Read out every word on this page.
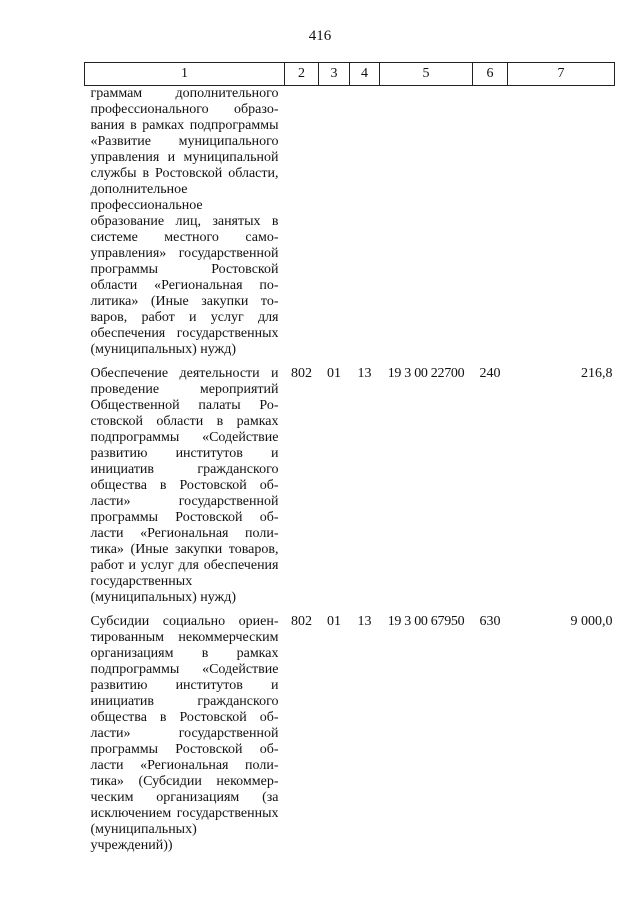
416
1	2	3	4	5	6	7
граммам дополнительного профессионального образования в рамках подпрограммы «Развитие муниципального управления и муниципальной службы в Ростовской области, дополнительное профессиональное образование лиц, занятых в системе местного самоуправления» государственной программы Ростовской области «Региональная политика» (Иные закупки товаров, работ и услуг для обеспечения государственных (муниципальных) нужд)						
Обеспечение деятельности и проведение мероприятий Общественной палаты Ростовской области в рамках подпрограммы «Содействие развитию институтов и инициатив гражданского общества в Ростовской области» государственной программы Ростовской области «Региональная политика» (Иные закупки товаров, работ и услуг для обеспечения государственных (муниципальных) нужд)	802	01	13	19 3 00 22700	240	216,8
Субсидии социально ориентированным некоммерческим организациям в рамках подпрограммы «Содействие развитию институтов и инициатив гражданского общества в Ростовской области» государственной программы Ростовской области «Региональная политика» (Субсидии некоммерческим организациям (за исключением государственных (муниципальных) учреждений))	802	01	13	19 3 00 67950	630	9 000,0
